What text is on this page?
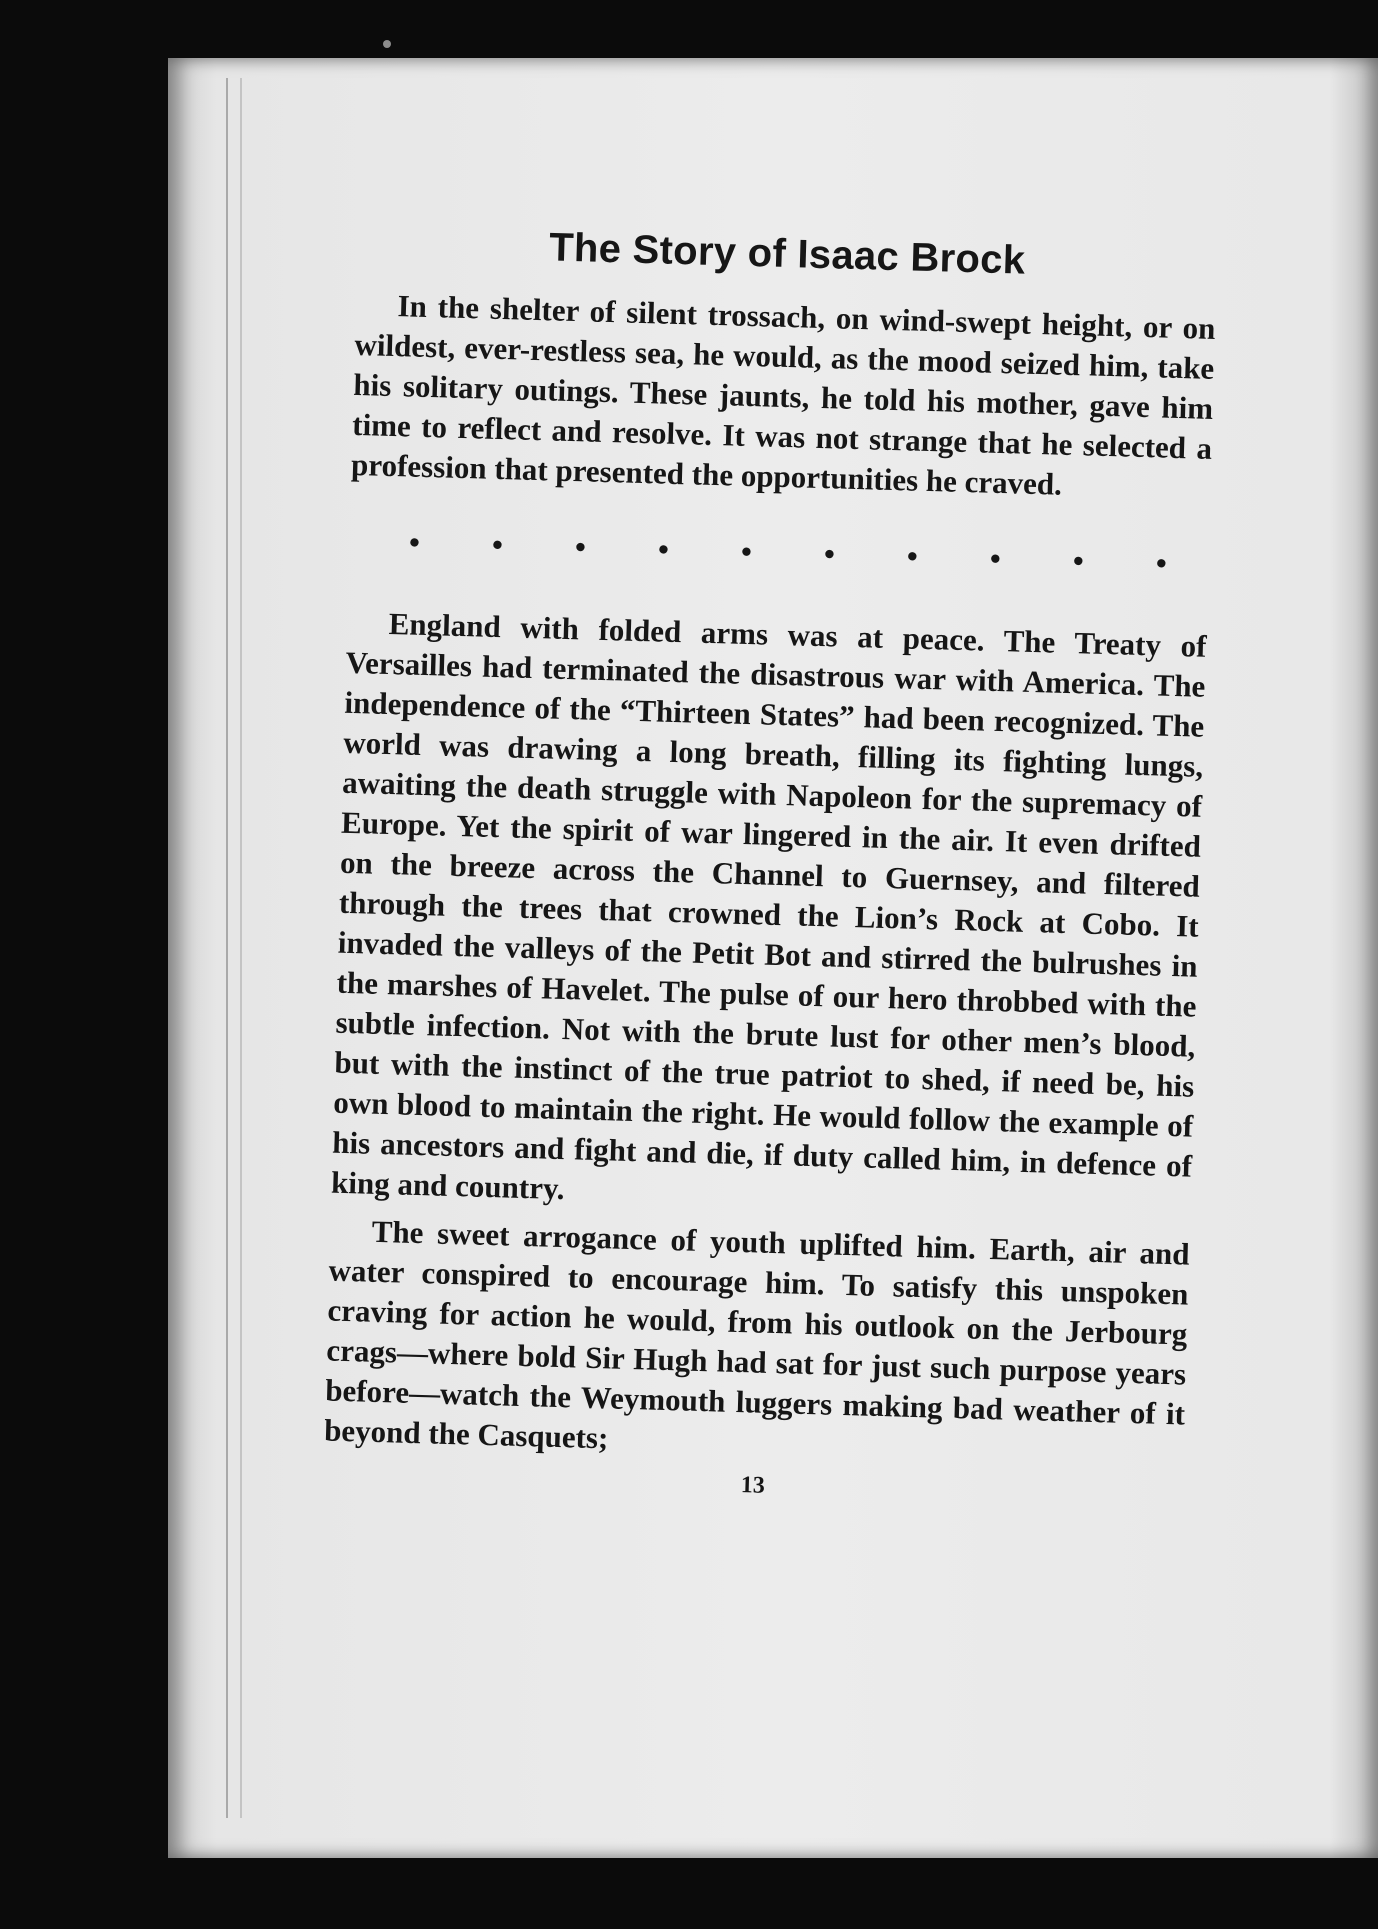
The Story of Isaac Brock

In the shelter of silent trossach, on wind-swept height, or on wildest, ever-restless sea, he would, as the mood seized him, take his solitary outings. These jaunts, he told his mother, gave him time to reflect and resolve. It was not strange that he selected a profession that presented the opportunities he craved.

• • • • • • • • • •

England with folded arms was at peace. The Treaty of Versailles had terminated the disastrous war with America. The independence of the “Thirteen States” had been recognized. The world was drawing a long breath, filling its fighting lungs, awaiting the death struggle with Napoleon for the supremacy of Europe. Yet the spirit of war lingered in the air. It even drifted on the breeze across the Channel to Guernsey, and filtered through the trees that crowned the Lion’s Rock at Cobo. It invaded the valleys of the Petit Bot and stirred the bulrushes in the marshes of Havelet. The pulse of our hero throbbed with the subtle infection. Not with the brute lust for other men’s blood, but with the instinct of the true patriot to shed, if need be, his own blood to maintain the right. He would follow the example of his ancestors and fight and die, if duty called him, in defence of king and country.

The sweet arrogance of youth uplifted him. Earth, air and water conspired to encourage him. To satisfy this unspoken craving for action he would, from his outlook on the Jerbourg crags—where bold Sir Hugh had sat for just such purpose years before—watch the Weymouth luggers making bad weather of it beyond the Casquets;

13
